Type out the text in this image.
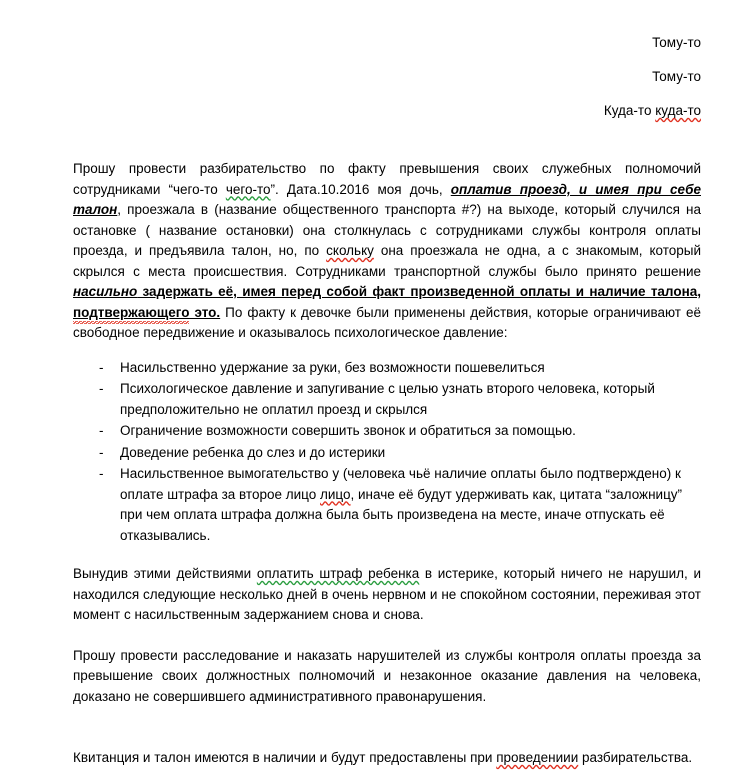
Тому-то
Тому-то
Куда-то куда-то

Прошу провести разбирательство по факту превышения своих служебных полномочий сотрудниками “чего-то чего-то”. Дата.10.2016 моя дочь, оплатив проезд, и имея при себе талон, проезжала в (название общественного транспорта #?) на выходе, который случился на остановке ( название остановки) она столкнулась с сотрудниками службы контроля оплаты проезда, и предъявила талон, но, по скольку она проезжала не одна, а с знакомым, который скрылся с места происшествия. Сотрудниками транспортной службы было принято решение насильно задержать её, имея перед собой факт произведенной оплаты и наличие талона, подтвержающего это. По факту к девочке были применены действия, которые ограничивают её свободное передвижение и оказывалось психологическое давление:

- Насильственно удержание за руки, без возможности пошевелиться
- Психологическое давление и запугивание с целью узнать второго человека, который предположительно не оплатил проезд и скрылся
- Ограничение возможности совершить звонок и обратиться за помощью.
- Доведение ребенка до слез и до истерики
- Насильственное вымогательство у (человека чьё наличие оплаты было подтверждено) к оплате штрафа за второе лицо лицо, иначе её будут удерживать как, цитата “заложницу” при чем оплата штрафа должна была быть произведена на месте, иначе отпускать её отказывались.

Вынудив этими действиями оплатить штраф ребенка в истерике, который ничего не нарушил, и находился следующие несколько дней в очень нервном и не спокойном состоянии, переживая этот момент с насильственным задержанием снова и снова.

Прошу провести расследование и наказать нарушителей из службы контроля оплаты проезда за превышение своих должностных полномочий и незаконное оказание давления на человека, доказано не совершившего административного правонарушения.

Квитанция и талон имеются в наличии и будут предоставлены при проведениии разбирательства.
